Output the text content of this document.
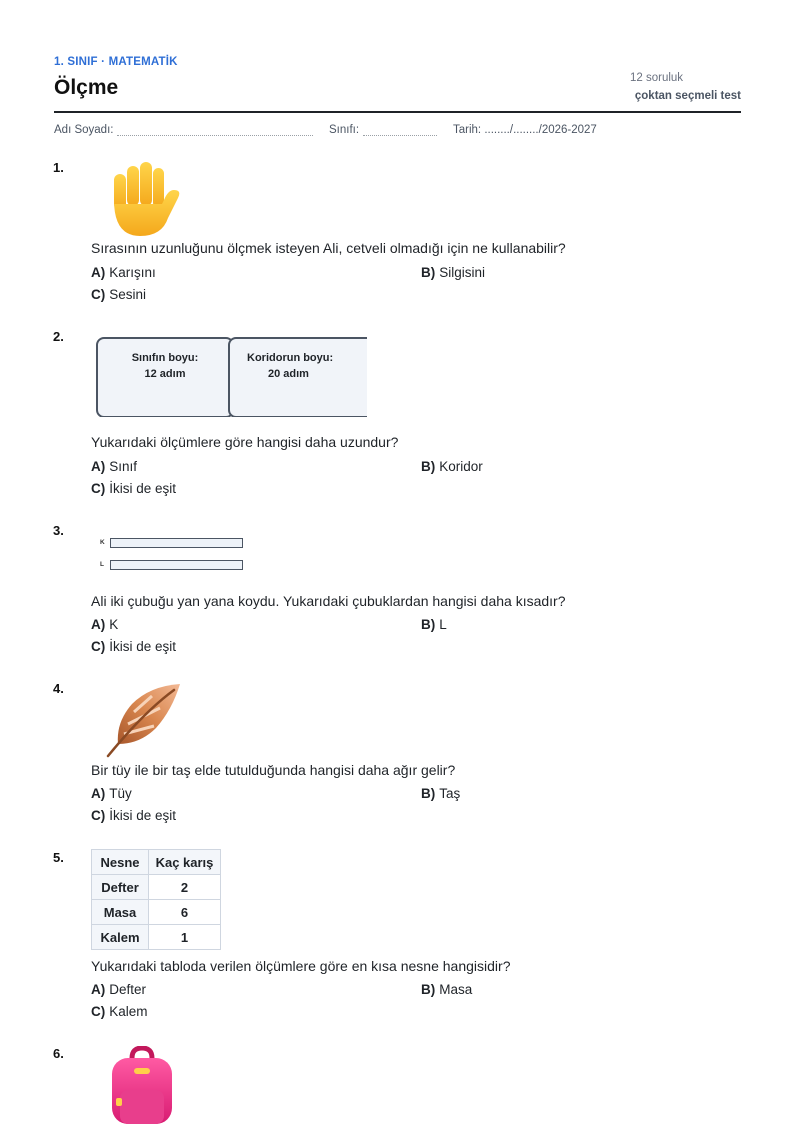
1. SINIF · MATEMATİK
Ölçme	12 soruluk
çoktan seçmeli test
Adı Soyadı:	Sınıfı:	Tarih: ......../......../2026-2027
1.
Sırasının uzunluğunu ölçmek isteyen Ali, cetveli olmadığı için ne kullanabilir?
A) Karışını	B) Silgisini
C) Sesini
2.
Sınıfın boyu:
12 adım
Koridorun boyu:
20 adım
Yukarıdaki ölçümlere göre hangisi daha uzundur?
A) Sınıf	B) Koridor
C) İkisi de eşit
3.
K
L
Ali iki çubuğu yan yana koydu. Yukarıdaki çubuklardan hangisi daha kısadır?
A) K	B) L
C) İkisi de eşit
4.
Bir tüy ile bir taş elde tutulduğunda hangisi daha ağır gelir?
A) Tüy	B) Taş
C) İkisi de eşit
5.	Nesne	Kaç karış
Defter	2
Masa	6
Kalem	1
Yukarıdaki tabloda verilen ölçümlere göre en kısa nesne hangisidir?
A) Defter	B) Masa
C) Kalem
6.
